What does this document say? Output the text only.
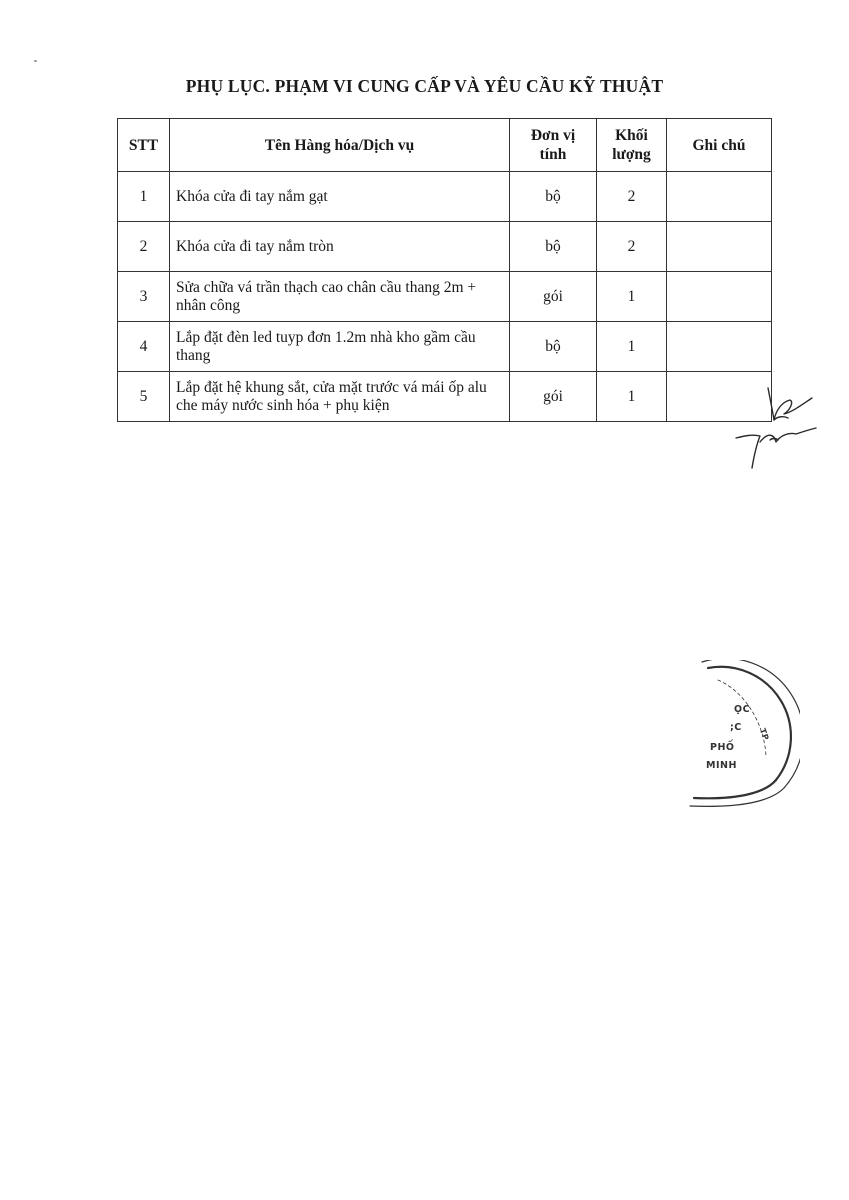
PHỤ LỤC. PHẠM VI CUNG CẤP VÀ YÊU CẦU KỸ THUẬT
STT	Tên Hàng hóa/Dịch vụ	Đơn vị tính	Khối lượng	Ghi chú
1	Khóa cửa đi tay nắm gạt	bộ	2	
2	Khóa cửa đi tay nắm tròn	bộ	2	
3	Sửa chữa vá trần thạch cao chân cầu thang 2m + nhân công	gói	1	
4	Lắp đặt đèn led tuyp đơn 1.2m nhà kho gầm cầu thang	bộ	1	
5	Lắp đặt hệ khung sắt, cửa mặt trước vá mái ốp alu che máy nước sinh hóa + phụ kiện	gói	1	
ỌC
;C
PHỐ
MINH
TP
